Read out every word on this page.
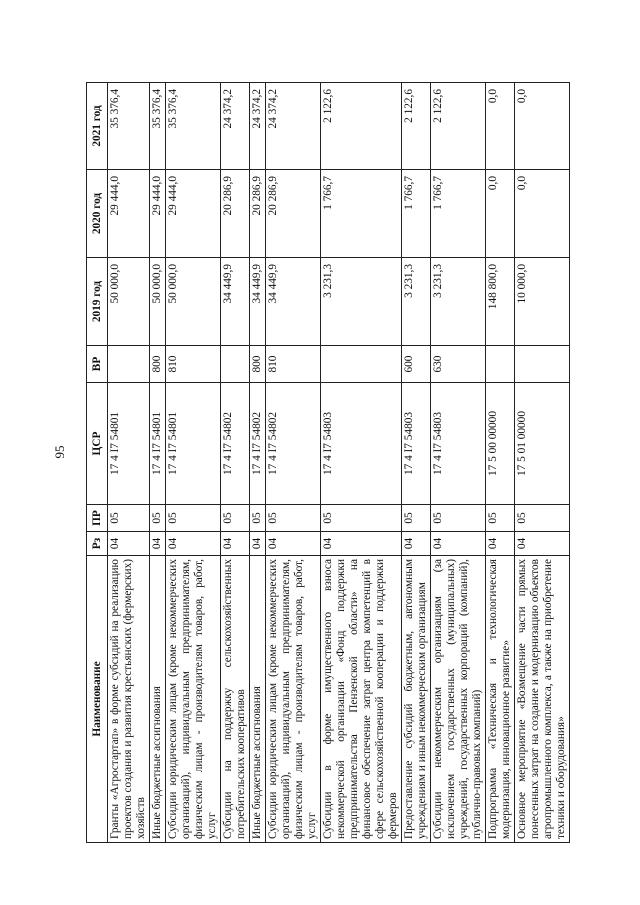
95
Наименование	Рз	ПР	ЦСР	ВР	2019 год	2020 год	2021 год
Гранты «Агростартап» в форме субсидий на реализацию проектов создания и развития крестьянских (фермерских) хозяйств	04	05	17 4 I7 54801		50 000,0	29 444,0	35 376,4
Иные бюджетные ассигнования	04	05	17 4 I7 54801	800	50 000,0	29 444,0	35 376,4
Субсидии юридическим лицам (кроме некоммерческих организаций), индивидуальным предпринимателям, физическим лицам - производителям товаров, работ, услуг	04	05	17 4 I7 54801	810	50 000,0	29 444,0	35 376,4
Субсидии на поддержку сельскохозяйственных потребительских кооперативов	04	05	17 4 I7 54802		34 449,9	20 286,9	24 374,2
Иные бюджетные ассигнования	04	05	17 4 I7 54802	800	34 449,9	20 286,9	24 374,2
Субсидии юридическим лицам (кроме некоммерческих организаций), индивидуальным предпринимателям, физическим лицам - производителям товаров, работ, услуг	04	05	17 4 I7 54802	810	34 449,9	20 286,9	24 374,2
Субсидии в форме имущественного взноса некоммерческой организации «Фонд поддержки предпринимательства Пензенской области» на финансовое обеспечение затрат центра компетенций в сфере сельскохозяйственной кооперации и поддержки фермеров	04	05	17 4 I7 54803		3 231,3	1 766,7	2 122,6
Предоставление субсидий бюджетным, автономным учреждениям и иным некоммерческим организациям	04	05	17 4 I7 54803	600	3 231,3	1 766,7	2 122,6
Субсидии некоммерческим организациям (за исключением государственных (муниципальных) учреждений, государственных корпораций (компаний), публично-правовых компаний)	04	05	17 4 I7 54803	630	3 231,3	1 766,7	2 122,6
Подпрограмма «Техническая и технологическая модернизация, инновационное развитие»	04	05	17 5 00 00000		148 800,0	0,0	0,0
Основное мероприятие «Возмещение части прямых понесенных затрат на создание и модернизацию объектов агропромышленного комплекса, а также на приобретение техники и оборудования»	04	05	17 5 01 00000		10 000,0	0,0	0,0
